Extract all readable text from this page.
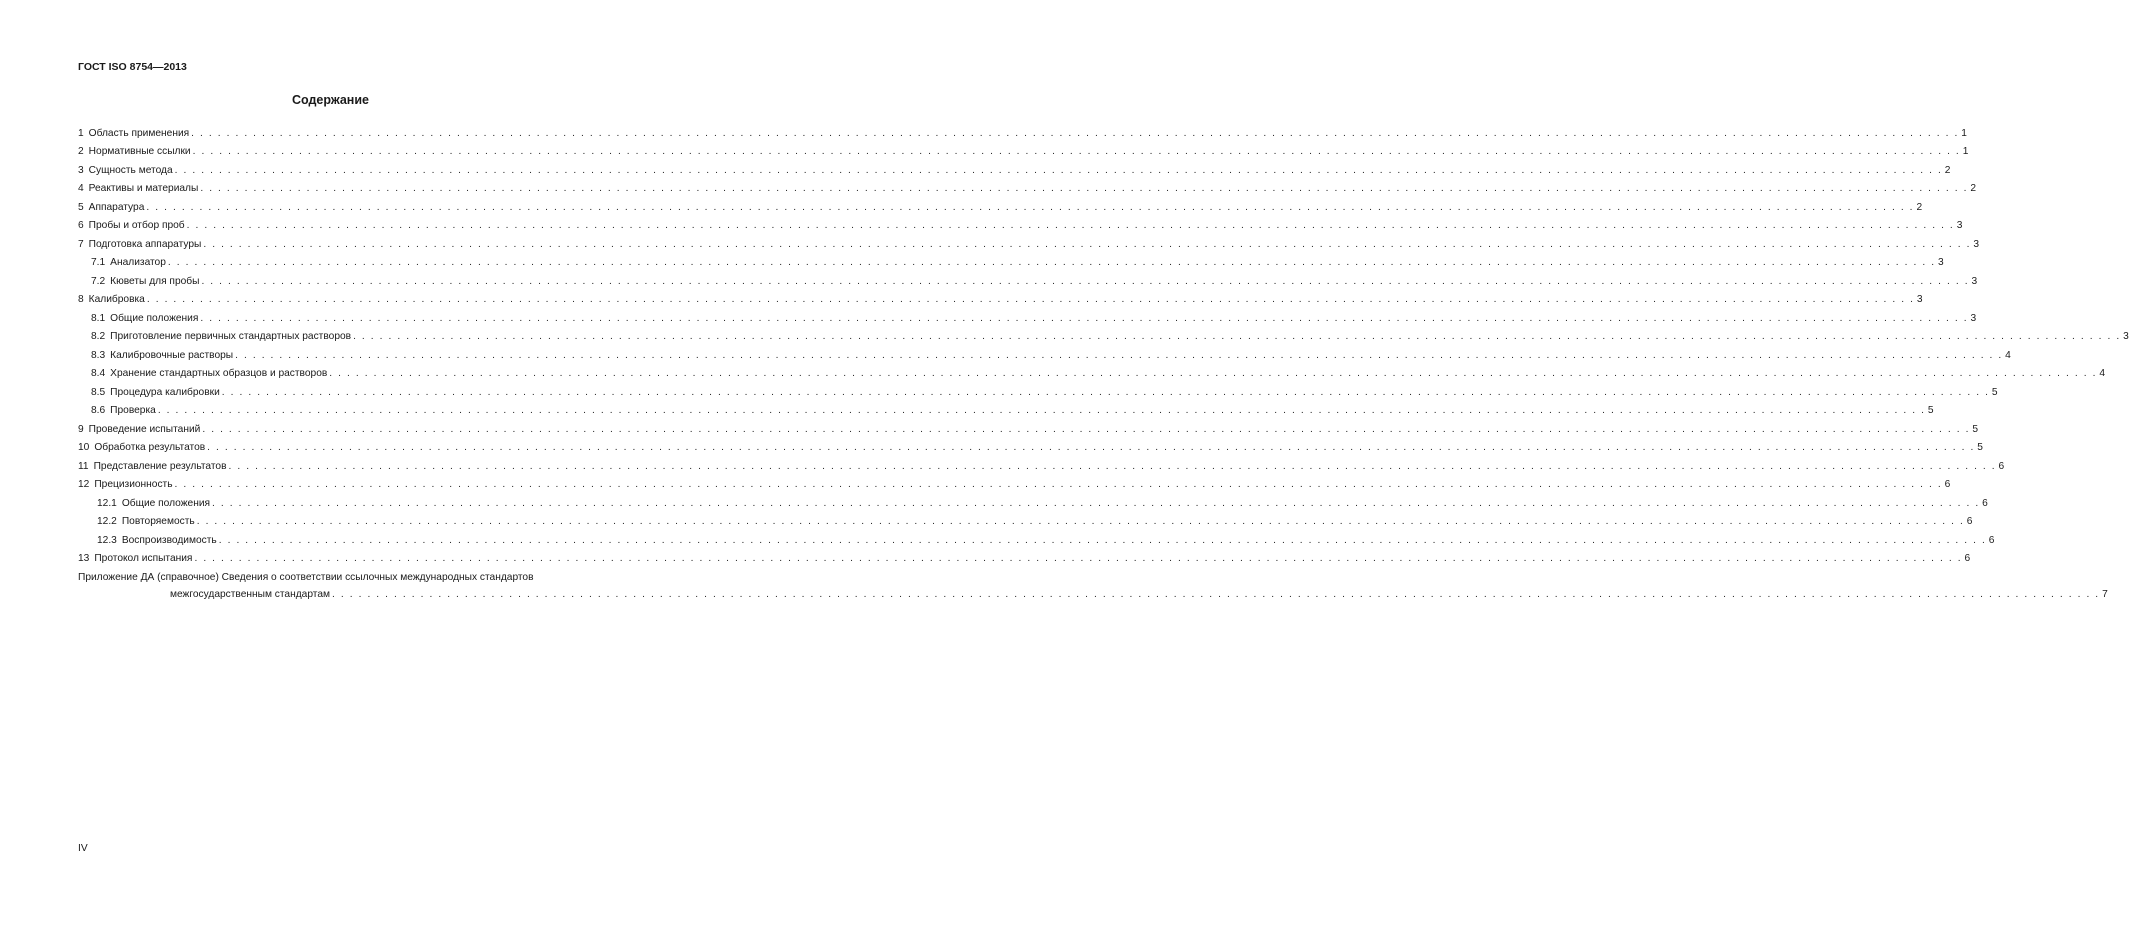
ГОСТ ISO 8754—2013
Содержание
1 Область применения . . . . . . . . . . . . . . . . . . . . . . . . . . . . . . . . . . . . . . . . . . . . . . . . . . . . . . . . . . . . . . . . . . . . . . . . . . . . . . . . . . . . . . . . . . . . . . . . . . . . . . . . . . . . . . . . . . . . . . . . . . . . . . . . . . . . . . . . . . . . . . . . . . . . . . . . . . . . . . . . . . . . . . . . . . . . . . . . . . . . . . . . . . . . . . . . . . . . . . . . 1
2 Нормативные ссылки . . . . . . . . . . . . . . . . . . . . . . . . . . . . . . . . . . . . . . . . . . . . . . . . . . . . . . . . . . . . . . . . . . . . . . . . . . . . . . . . . . . . . . . . . . . . . . . . . . . . . . . . . . . . . . . . . . . . . . . . . . . . . . . . . . . . . . . . . . . . . . . . . . . . . . . . . . . . . . . . . . . . . . . . . . . . . . . . . . . . . . . . . . . . . . . . . . . . . . . . 1
3 Сущность метода . . . . . . . . . . . . . . . . . . . . . . . . . . . . . . . . . . . . . . . . . . . . . . . . . . . . . . . . . . . . . . . . . . . . . . . . . . . . . . . . . . . . . . . . . . . . . . . . . . . . . . . . . . . . . . . . . . . . . . . . . . . . . . . . . . . . . . . . . . . . . . . . . . . . . . . . . . . . . . . . . . . . . . . . . . . . . . . . . . . . . . . . . . . . . . . . . . . . . . . . 2
4 Реактивы и материалы . . . . . . . . . . . . . . . . . . . . . . . . . . . . . . . . . . . . . . . . . . . . . . . . . . . . . . . . . . . . . . . . . . . . . . . . . . . . . . . . . . . . . . . . . . . . . . . . . . . . . . . . . . . . . . . . . . . . . . . . . . . . . . . . . . . . . . . . . . . . . . . . . . . . . . . . . . . . . . . . . . . . . . . . . . . . . . . . . . . . . . . . . . . . . . . . . . . . . . . . 2
5 Аппаратура . . . . . . . . . . . . . . . . . . . . . . . . . . . . . . . . . . . . . . . . . . . . . . . . . . . . . . . . . . . . . . . . . . . . . . . . . . . . . . . . . . . . . . . . . . . . . . . . . . . . . . . . . . . . . . . . . . . . . . . . . . . . . . . . . . . . . . . . . . . . . . . . . . . . . . . . . . . . . . . . . . . . . . . . . . . . . . . . . . . . . . . . . . . . . . . . . . . . . . . . 2
6 Пробы и отбор проб . . . . . . . . . . . . . . . . . . . . . . . . . . . . . . . . . . . . . . . . . . . . . . . . . . . . . . . . . . . . . . . . . . . . . . . . . . . . . . . . . . . . . . . . . . . . . . . . . . . . . . . . . . . . . . . . . . . . . . . . . . . . . . . . . . . . . . . . . . . . . . . . . . . . . . . . . . . . . . . . . . . . . . . . . . . . . . . . . . . . . . . . . . . . . . . . . . . . . . . . 3
7 Подготовка аппаратуры . . . . . . . . . . . . . . . . . . . . . . . . . . . . . . . . . . . . . . . . . . . . . . . . . . . . . . . . . . . . . . . . . . . . . . . . . . . . . . . . . . . . . . . . . . . . . . . . . . . . . . . . . . . . . . . . . . . . . . . . . . . . . . . . . . . . . . . . . . . . . . . . . . . . . . . . . . . . . . . . . . . . . . . . . . . . . . . . . . . . . . . . . . . . . . . . . . . . . . . . 3
7.1 Анализатор . . . . . . . . . . . . . . . . . . . . . . . . . . . . . . . . . . . . . . . . . . . . . . . . . . . . . . . . . . . . . . . . . . . . . . . . . . . . . . . . . . . . . . . . . . . . . . . . . . . . . . . . . . . . . . . . . . . . . . . . . . . . . . . . . . . . . . . . . . . . . . . . . . . . . . . . . . . . . . . . . . . . . . . . . . . . . . . . . . . . . . . . . . . . . . . . . . . . . . . . 3
7.2 Кюветы для пробы . . . . . . . . . . . . . . . . . . . . . . . . . . . . . . . . . . . . . . . . . . . . . . . . . . . . . . . . . . . . . . . . . . . . . . . . . . . . . . . . . . . . . . . . . . . . . . . . . . . . . . . . . . . . . . . . . . . . . . . . . . . . . . . . . . . . . . . . . . . . . . . . . . . . . . . . . . . . . . . . . . . . . . . . . . . . . . . . . . . . . . . . . . . . . . . . . . . . . . . . 3
8 Калибровка . . . . . . . . . . . . . . . . . . . . . . . . . . . . . . . . . . . . . . . . . . . . . . . . . . . . . . . . . . . . . . . . . . . . . . . . . . . . . . . . . . . . . . . . . . . . . . . . . . . . . . . . . . . . . . . . . . . . . . . . . . . . . . . . . . . . . . . . . . . . . . . . . . . . . . . . . . . . . . . . . . . . . . . . . . . . . . . . . . . . . . . . . . . . . . . . . . . . . . . . 3
8.1 Общие положения . . . . . . . . . . . . . . . . . . . . . . . . . . . . . . . . . . . . . . . . . . . . . . . . . . . . . . . . . . . . . . . . . . . . . . . . . . . . . . . . . . . . . . . . . . . . . . . . . . . . . . . . . . . . . . . . . . . . . . . . . . . . . . . . . . . . . . . . . . . . . . . . . . . . . . . . . . . . . . . . . . . . . . . . . . . . . . . . . . . . . . . . . . . . . . . . . . . . . . . . 3
8.2 Приготовление первичных стандартных растворов . . . . . . . . . . . . . . . . . . . . . . . . . . . . . . . . . . . . . . . . . . . . . . . . . . . . . . . . . . . . . . . . . . . . . . . . . . . . . . . . . . . . . . . . . . . . . . . . . . . . . . . . . . . . . . . . . . . . . . . . . . . . . . . . . . . . . . . . . . . . . . . . . . . . . . . . . . . . . . . . . . . . . . . . . . . . . . . . . . . . . . . . . . . . . . . . . . . . . . . . 3
8.3 Калибровочные растворы . . . . . . . . . . . . . . . . . . . . . . . . . . . . . . . . . . . . . . . . . . . . . . . . . . . . . . . . . . . . . . . . . . . . . . . . . . . . . . . . . . . . . . . . . . . . . . . . . . . . . . . . . . . . . . . . . . . . . . . . . . . . . . . . . . . . . . . . . . . . . . . . . . . . . . . . . . . . . . . . . . . . . . . . . . . . . . . . . . . . . . . . . . . . . . . . . . . . . . . . 4
8.4 Хранение стандартных образцов и растворов . . . . . . . . . . . . . . . . . . . . . . . . . . . . . . . . . . . . . . . . . . . . . . . . . . . . . . . . . . . . . . . . . . . . . . . . . . . . . . . . . . . . . . . . . . . . . . . . . . . . . . . . . . . . . . . . . . . . . . . . . . . . . . . . . . . . . . . . . . . . . . . . . . . . . . . . . . . . . . . . . . . . . . . . . . . . . . . . . . . . . . . . . . . . . . . . . . . . . . . . 4
8.5 Процедура калибровки . . . . . . . . . . . . . . . . . . . . . . . . . . . . . . . . . . . . . . . . . . . . . . . . . . . . . . . . . . . . . . . . . . . . . . . . . . . . . . . . . . . . . . . . . . . . . . . . . . . . . . . . . . . . . . . . . . . . . . . . . . . . . . . . . . . . . . . . . . . . . . . . . . . . . . . . . . . . . . . . . . . . . . . . . . . . . . . . . . . . . . . . . . . . . . . . . . . . . . . . 5
8.6 Проверка . . . . . . . . . . . . . . . . . . . . . . . . . . . . . . . . . . . . . . . . . . . . . . . . . . . . . . . . . . . . . . . . . . . . . . . . . . . . . . . . . . . . . . . . . . . . . . . . . . . . . . . . . . . . . . . . . . . . . . . . . . . . . . . . . . . . . . . . . . . . . . . . . . . . . . . . . . . . . . . . . . . . . . . . . . . . . . . . . . . . . . . . . . . . . . . . . . . . . . . . 5
9 Проведение испытаний . . . . . . . . . . . . . . . . . . . . . . . . . . . . . . . . . . . . . . . . . . . . . . . . . . . . . . . . . . . . . . . . . . . . . . . . . . . . . . . . . . . . . . . . . . . . . . . . . . . . . . . . . . . . . . . . . . . . . . . . . . . . . . . . . . . . . . . . . . . . . . . . . . . . . . . . . . . . . . . . . . . . . . . . . . . . . . . . . . . . . . . . . . . . . . . . . . . . . . . . 5
10 Обработка результатов . . . . . . . . . . . . . . . . . . . . . . . . . . . . . . . . . . . . . . . . . . . . . . . . . . . . . . . . . . . . . . . . . . . . . . . . . . . . . . . . . . . . . . . . . . . . . . . . . . . . . . . . . . . . . . . . . . . . . . . . . . . . . . . . . . . . . . . . . . . . . . . . . . . . . . . . . . . . . . . . . . . . . . . . . . . . . . . . . . . . . . . . . . . . . . . . . . . . . . . . 5
11 Представление результатов . . . . . . . . . . . . . . . . . . . . . . . . . . . . . . . . . . . . . . . . . . . . . . . . . . . . . . . . . . . . . . . . . . . . . . . . . . . . . . . . . . . . . . . . . . . . . . . . . . . . . . . . . . . . . . . . . . . . . . . . . . . . . . . . . . . . . . . . . . . . . . . . . . . . . . . . . . . . . . . . . . . . . . . . . . . . . . . . . . . . . . . . . . . . . . . . . . . . . . . . 6
12 Прецизионность . . . . . . . . . . . . . . . . . . . . . . . . . . . . . . . . . . . . . . . . . . . . . . . . . . . . . . . . . . . . . . . . . . . . . . . . . . . . . . . . . . . . . . . . . . . . . . . . . . . . . . . . . . . . . . . . . . . . . . . . . . . . . . . . . . . . . . . . . . . . . . . . . . . . . . . . . . . . . . . . . . . . . . . . . . . . . . . . . . . . . . . . . . . . . . . . . . . . . . . . 6
12.1 Общие положения . . . . . . . . . . . . . . . . . . . . . . . . . . . . . . . . . . . . . . . . . . . . . . . . . . . . . . . . . . . . . . . . . . . . . . . . . . . . . . . . . . . . . . . . . . . . . . . . . . . . . . . . . . . . . . . . . . . . . . . . . . . . . . . . . . . . . . . . . . . . . . . . . . . . . . . . . . . . . . . . . . . . . . . . . . . . . . . . . . . . . . . . . . . . . . . . . . . . . . . . 6
12.2 Повторяемость . . . . . . . . . . . . . . . . . . . . . . . . . . . . . . . . . . . . . . . . . . . . . . . . . . . . . . . . . . . . . . . . . . . . . . . . . . . . . . . . . . . . . . . . . . . . . . . . . . . . . . . . . . . . . . . . . . . . . . . . . . . . . . . . . . . . . . . . . . . . . . . . . . . . . . . . . . . . . . . . . . . . . . . . . . . . . . . . . . . . . . . . . . . . . . . . . . . . . . . . 6
12.3 Воспроизводимость . . . . . . . . . . . . . . . . . . . . . . . . . . . . . . . . . . . . . . . . . . . . . . . . . . . . . . . . . . . . . . . . . . . . . . . . . . . . . . . . . . . . . . . . . . . . . . . . . . . . . . . . . . . . . . . . . . . . . . . . . . . . . . . . . . . . . . . . . . . . . . . . . . . . . . . . . . . . . . . . . . . . . . . . . . . . . . . . . . . . . . . . . . . . . . . . . . . . . . . . 6
13 Протокол испытания . . . . . . . . . . . . . . . . . . . . . . . . . . . . . . . . . . . . . . . . . . . . . . . . . . . . . . . . . . . . . . . . . . . . . . . . . . . . . . . . . . . . . . . . . . . . . . . . . . . . . . . . . . . . . . . . . . . . . . . . . . . . . . . . . . . . . . . . . . . . . . . . . . . . . . . . . . . . . . . . . . . . . . . . . . . . . . . . . . . . . . . . . . . . . . . . . . . . . . . . 6
Приложение ДА (справочное) Сведения о соответствии ссылочных международных стандартов
межгосударственным стандартам . . . . . . . . . . . . . . . . . . . . . . . . . . . . . . . . . . . . . . . . . . . . . . . . . . . . . . . . . . . . . . . . . . . . . . . . . . . . . . . . . . . . . . . . . . . . . . . . . . . . . . . . . . . . . . . . . . . . . . . . . . . . . . . . . . . . . . . . . . . . . . . . . . . . . . . . . . . . . . . . . . . . . . . . . . . . . . . . . . . . . . . . . . . . . . . . . . . . . . . . 7
IV
